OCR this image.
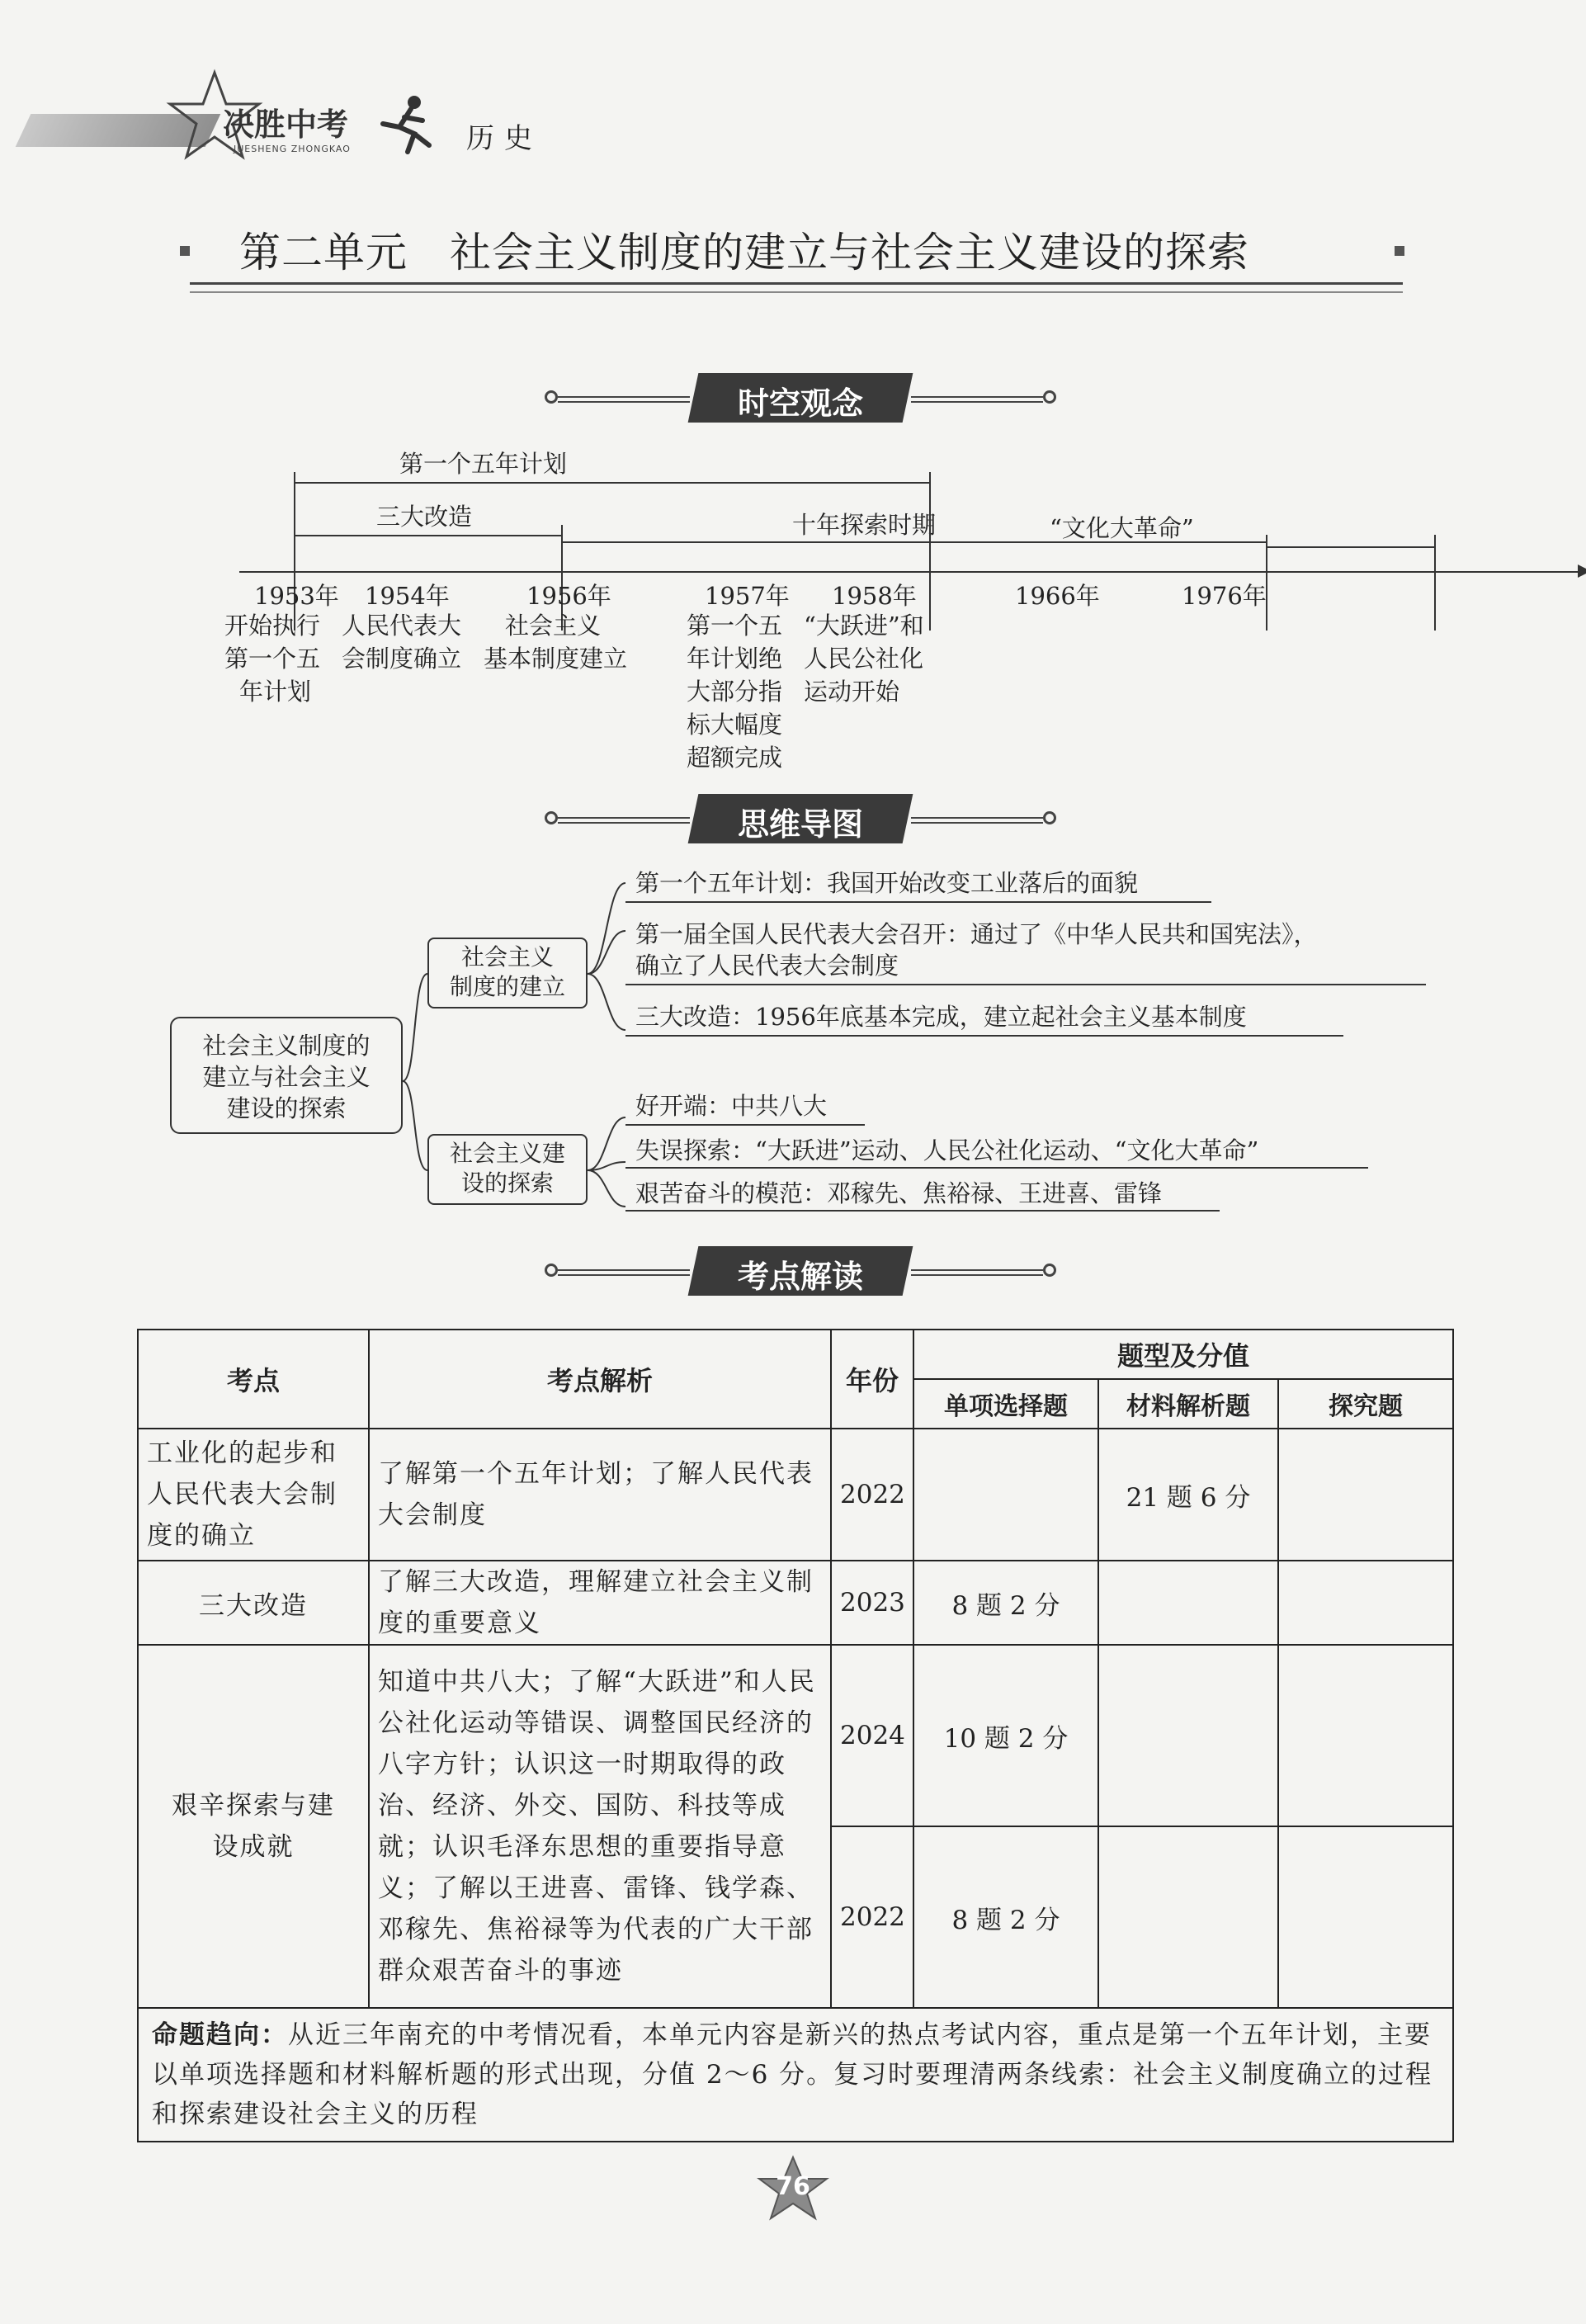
决胜中考
JUESHENG ZHONGKAO	历史
第二单元　社会主义制度的建立与社会主义建设的探索
时空观念
第一个五年计划
三大改造	十年探索时期	“文化大革命”
1953年 1954年	1956年	1957年 1958年	1966年	1976年
开始执行
第一个五
年计划
人民代表大
会制度确立
社会主义
基本制度建立
第一个五
年计划绝
大部分指
标大幅度
超额完成
“大跃进”和
人民公社化
运动开始
思维导图
社会主义制度的
建立与社会主义
建设的探索
社会主义
制度的建立
社会主义建
设的探索
第一个五年计划：我国开始改变工业落后的面貌
第一届全国人民代表大会召开：通过了《中华人民共和国宪法》，
确立了人民代表大会制度
三大改造：1956年底基本完成，建立起社会主义基本制度
好开端：中共八大
失误探索：“大跃进”运动、人民公社化运动、“文化大革命”
艰苦奋斗的模范：邓稼先、焦裕禄、王进喜、雷锋
考点解读
考点	考点解析	年份	题型及分值		
			单项选择题	材料解析题	探究题
工业化的起步和人民代表大会制度的确立	了解第一个五年计划；了解人民代表大会制度	2022		21 题 6 分	
三大改造	了解三大改造，理解建立社会主义制度的重要意义	2023	8 题 2 分		
艰辛探索与建设成就	知道中共八大；了解“大跃进”和人民公社化运动等错误、调整国民经济的八字方针；认识这一时期取得的政治、经济、外交、国防、科技等成就；认识毛泽东思想的重要指导意义；了解以王进喜、雷锋、钱学森、邓稼先、焦裕禄等为代表的广大干部群众艰苦奋斗的事迹	2024	10 题 2 分		
		2022	8 题 2 分		
命题趋向：从近三年南充的中考情况看，本单元内容是新兴的热点考试内容，重点是第一个五年计划，主要以单项选择题和材料解析题的形式出现，分值 2～6 分。复习时要理清两条线索：社会主义制度确立的过程和探索建设社会主义的历程					
76
